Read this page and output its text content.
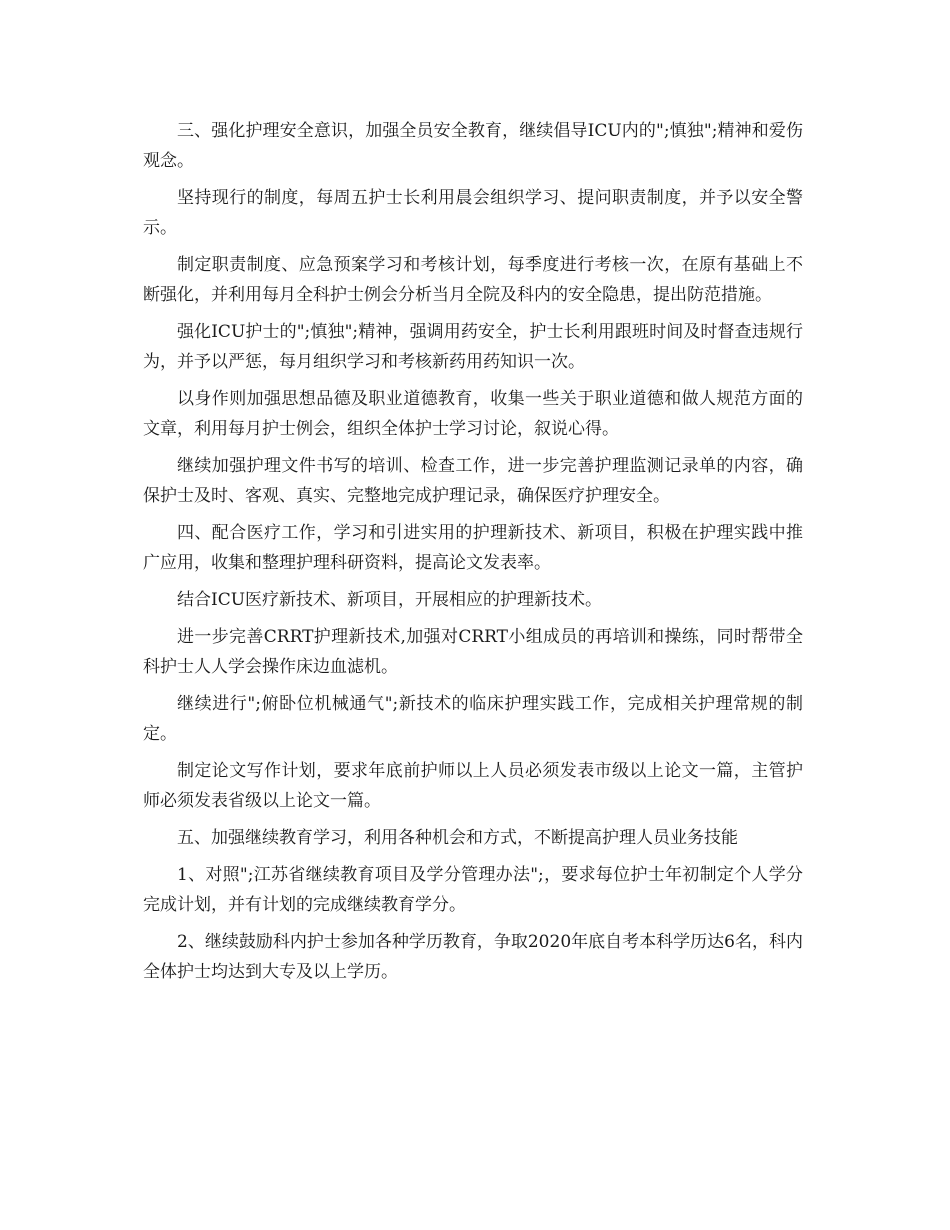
三、强化护理安全意识，加强全员安全教育，继续倡导ICU内的";慎独";精神和爱伤观念。

坚持现行的制度，每周五护士长利用晨会组织学习、提问职责制度，并予以安全警示。

制定职责制度、应急预案学习和考核计划，每季度进行考核一次，在原有基础上不断强化，并利用每月全科护士例会分析当月全院及科内的安全隐患，提出防范措施。

强化ICU护士的";慎独";精神，强调用药安全，护士长利用跟班时间及时督查违规行为，并予以严惩，每月组织学习和考核新药用药知识一次。

以身作则加强思想品德及职业道德教育，收集一些关于职业道德和做人规范方面的文章，利用每月护士例会，组织全体护士学习讨论，叙说心得。

继续加强护理文件书写的培训、检查工作，进一步完善护理监测记录单的内容，确保护士及时、客观、真实、完整地完成护理记录，确保医疗护理安全。

四、配合医疗工作，学习和引进实用的护理新技术、新项目，积极在护理实践中推广应用，收集和整理护理科研资料，提高论文发表率。

结合ICU医疗新技术、新项目，开展相应的护理新技术。

进一步完善CRRT护理新技术,加强对CRRT小组成员的再培训和操练，同时帮带全科护士人人学会操作床边血滤机。

继续进行";俯卧位机械通气";新技术的临床护理实践工作，完成相关护理常规的制定。

制定论文写作计划，要求年底前护师以上人员必须发表市级以上论文一篇，主管护师必须发表省级以上论文一篇。

五、加强继续教育学习，利用各种机会和方式，不断提高护理人员业务技能

1、对照";江苏省继续教育项目及学分管理办法";，要求每位护士年初制定个人学分完成计划，并有计划的完成继续教育学分。

2、继续鼓励科内护士参加各种学历教育，争取2020年底自考本科学历达6名，科内全体护士均达到大专及以上学历。
